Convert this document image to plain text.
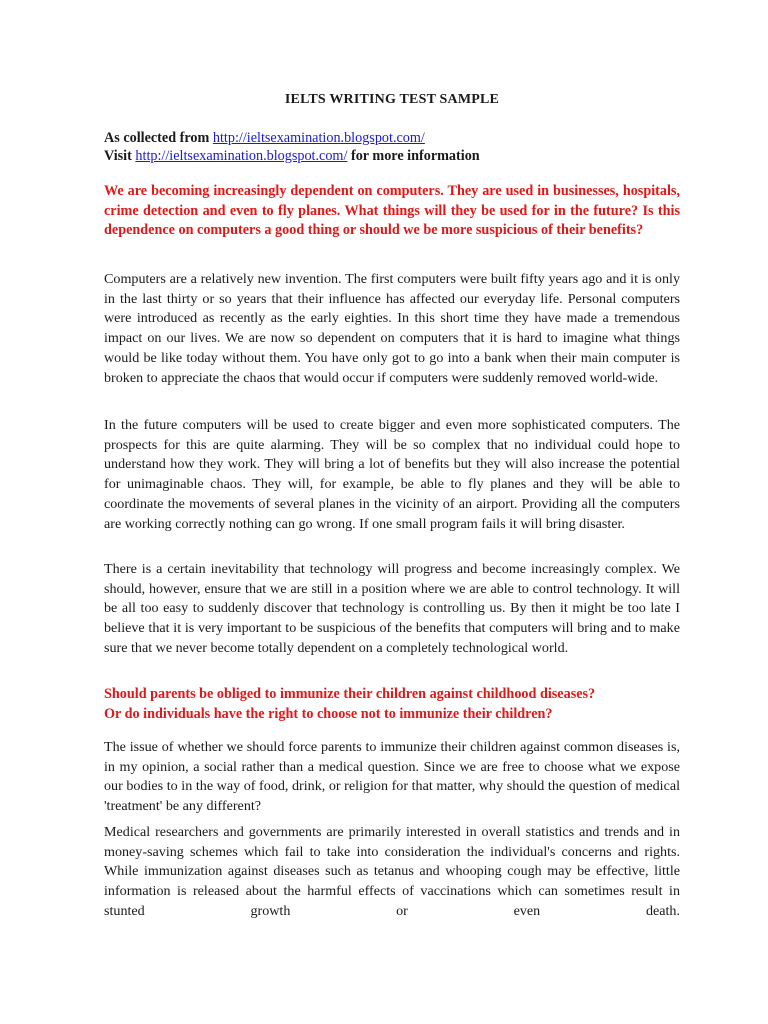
IELTS WRITING TEST SAMPLE
As collected from http://ieltsexamination.blogspot.com/
Visit http://ieltsexamination.blogspot.com/ for more information

We are becoming increasingly dependent on computers. They are used in businesses, hospitals, crime detection and even to fly planes. What things will they be used for in the future? Is this dependence on computers a good thing or should we be more suspicious of their benefits?

Computers are a relatively new invention. The first computers were built fifty years ago and it is only in the last thirty or so years that their influence has affected our everyday life. Personal computers were introduced as recently as the early eighties. In this short time they have made a tremendous impact on our lives. We are now so dependent on computers that it is hard to imagine what things would be like today without them. You have only got to go into a bank when their main computer is broken to appreciate the chaos that would occur if computers were suddenly removed world-wide.

In the future computers will be used to create bigger and even more sophisticated computers. The prospects for this are quite alarming. They will be so complex that no individual could hope to understand how they work. They will bring a lot of benefits but they will also increase the potential for unimaginable chaos. They will, for example, be able to fly planes and they will be able to coordinate the movements of several planes in the vicinity of an airport. Providing all the computers are working correctly nothing can go wrong. If one small program fails it will bring disaster.

There is a certain inevitability that technology will progress and become increasingly complex. We should, however, ensure that we are still in a position where we are able to control technology. It will be all too easy to suddenly discover that technology is controlling us. By then it might be too late I believe that it is very important to be suspicious of the benefits that computers will bring and to make sure that we never become totally dependent on a completely technological world.

Should parents be obliged to immunize their children against childhood diseases?
Or do individuals have the right to choose not to immunize their children?

The issue of whether we should force parents to immunize their children against common diseases is, in my opinion, a social rather than a medical question. Since we are free to choose what we expose our bodies to in the way of food, drink, or religion for that matter, why should the question of medical 'treatment' be any different?

Medical researchers and governments are primarily interested in overall statistics and trends and in money-saving schemes which fail to take into consideration the individual's concerns and rights. While immunization against diseases such as tetanus and whooping cough may be effective, little information is released about the harmful effects of vaccinations which can sometimes result in stunted growth or even death.
